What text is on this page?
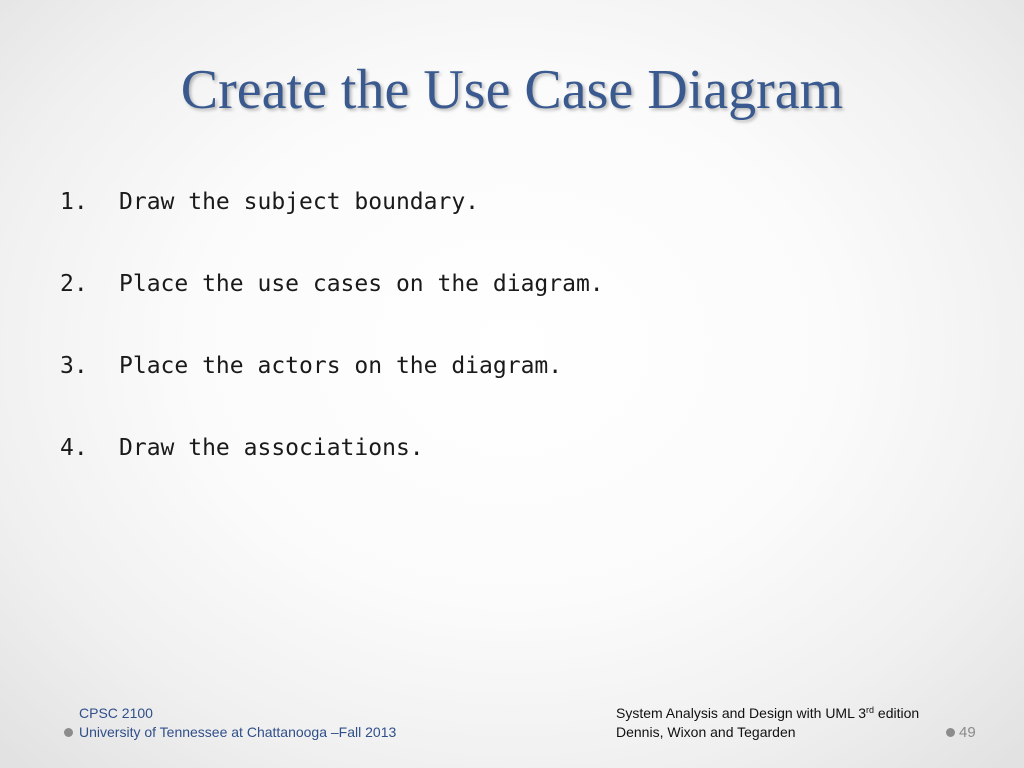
Create the Use Case Diagram
1.	Draw the subject boundary.
2.	Place the use cases on the diagram.
3.	Place the actors on the diagram.
4.	Draw the associations.
CPSC 2100
University of Tennessee at Chattanooga –Fall 2013
System Analysis and Design with UML 3rd edition
Dennis, Wixon and Tegarden	49
